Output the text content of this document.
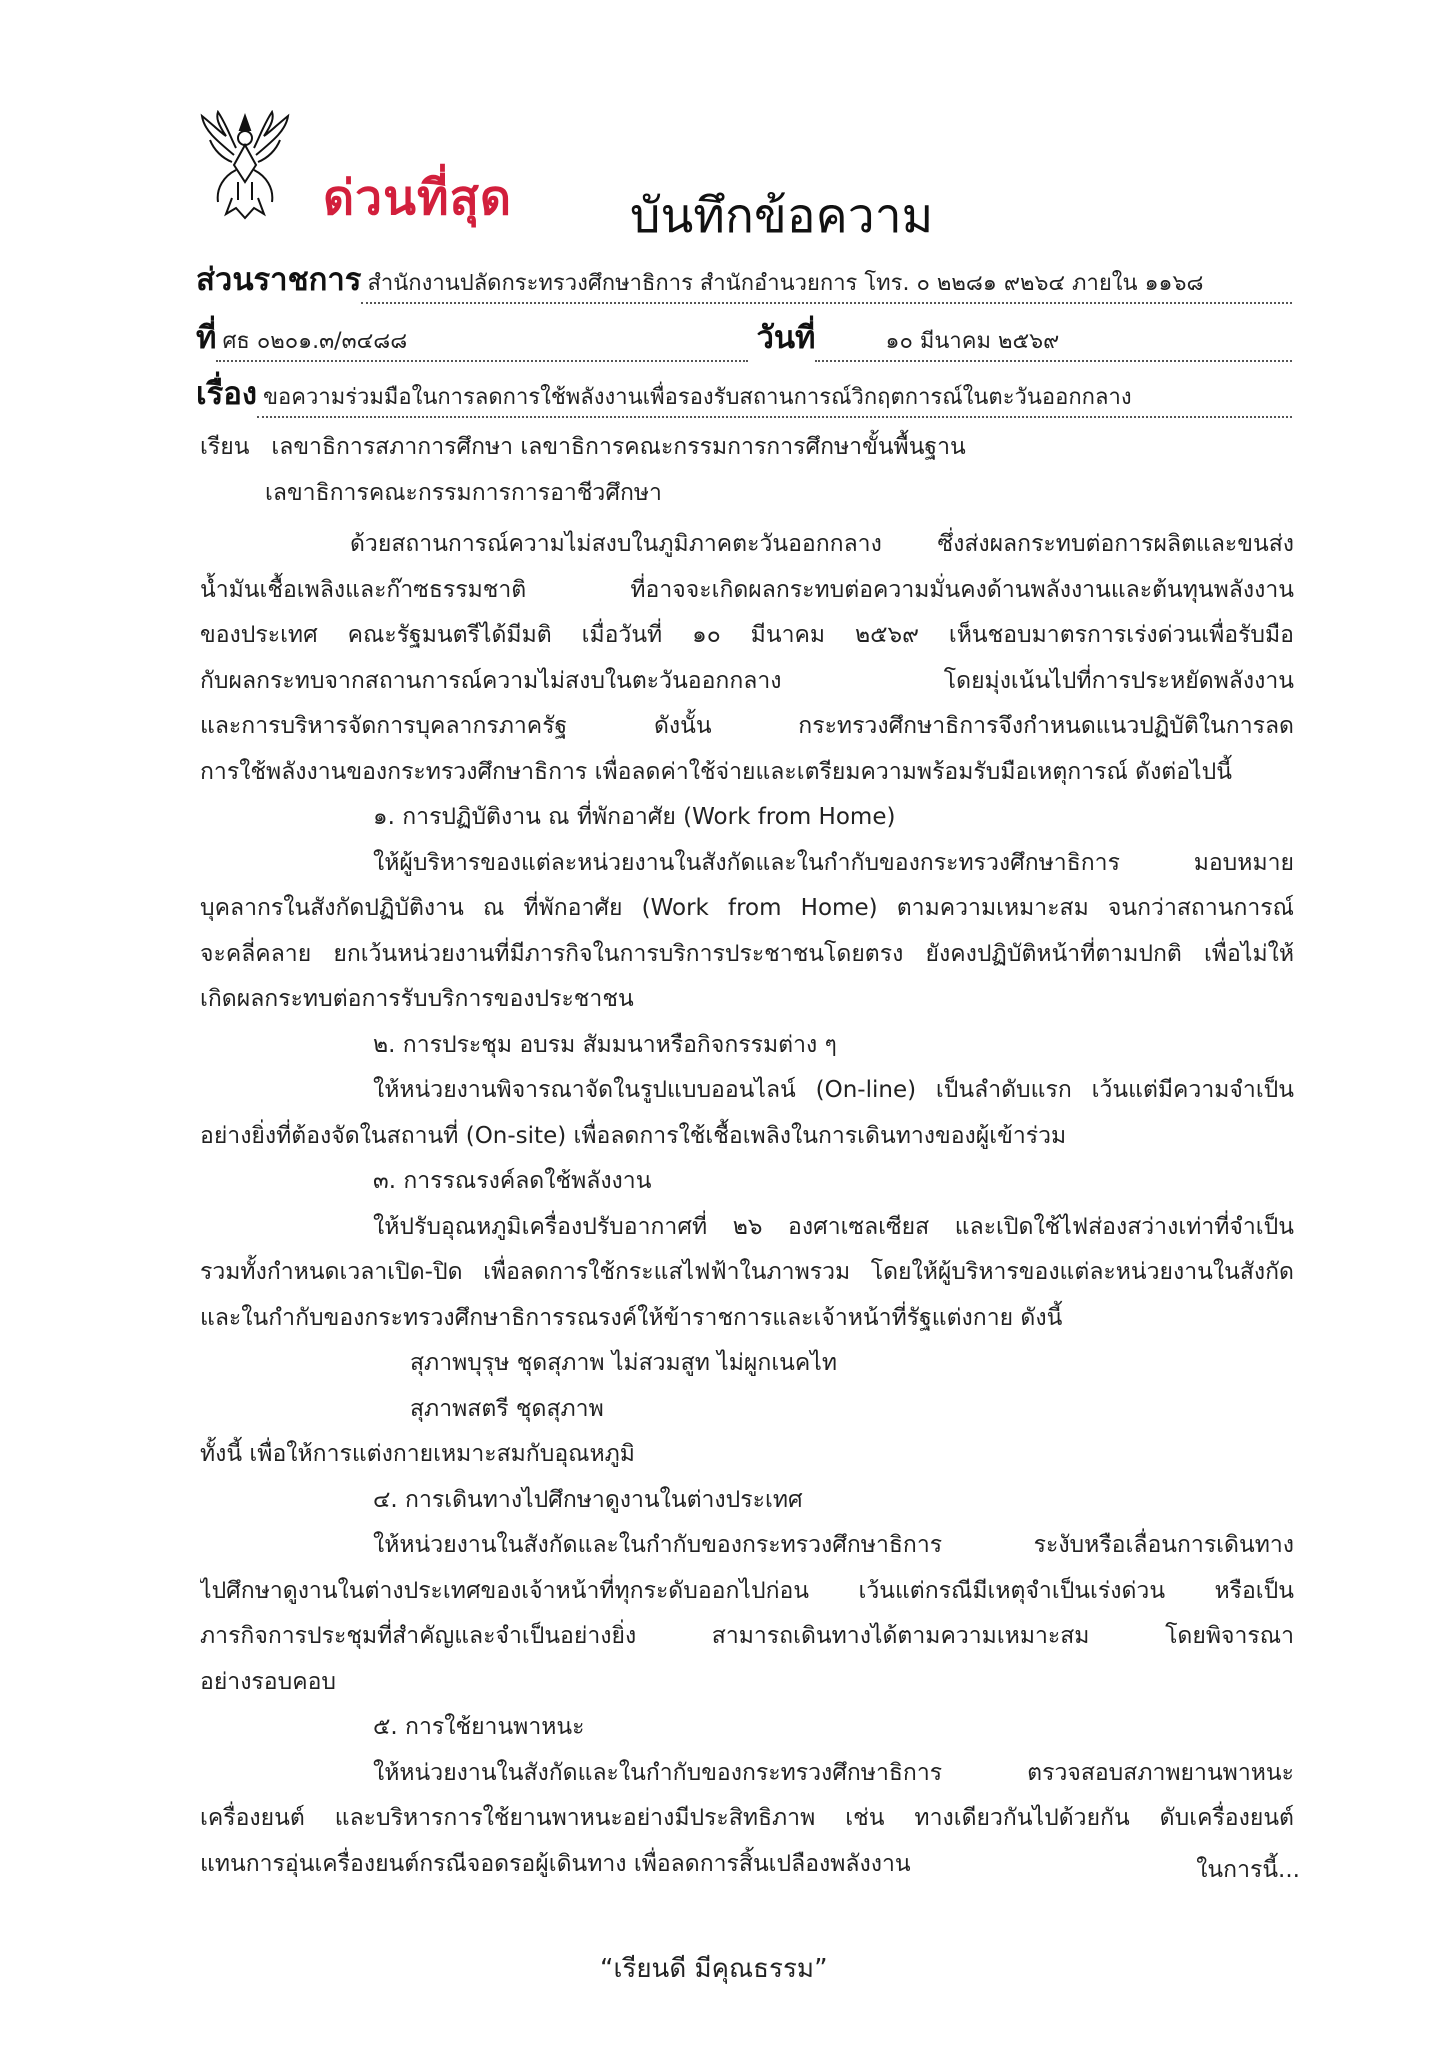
ด่วนที่สุด บันทึกข้อความ
ส่วนราชการ สำนักงานปลัดกระทรวงศึกษาธิการ สำนักอำนวยการ โทร. ๐ ๒๒๘๑ ๙๒๖๔ ภายใน ๑๑๖๘
ที่ ศธ ๐๒๐๑.๓/๓๔๘๘	วันที่	๑๐ มีนาคม ๒๕๖๙
เรื่อง ขอความร่วมมือในการลดการใช้พลังงานเพื่อรองรับสถานการณ์วิกฤตการณ์ในตะวันออกกลาง
เรียน เลขาธิการสภาการศึกษา เลขาธิการคณะกรรมการการศึกษาขั้นพื้นฐาน
เลขาธิการคณะกรรมการการอาชีวศึกษา
ด้วยสถานการณ์ความไม่สงบในภูมิภาคตะวันออกกลาง ซึ่งส่งผลกระทบต่อการผลิตและขนส่ง
น้ำมันเชื้อเพลิงและก๊าซธรรมชาติ ที่อาจจะเกิดผลกระทบต่อความมั่นคงด้านพลังงานและต้นทุนพลังงาน
ของประเทศ คณะรัฐมนตรีได้มีมติ เมื่อวันที่ ๑๐ มีนาคม ๒๕๖๙ เห็นชอบมาตรการเร่งด่วนเพื่อรับมือ
กับผลกระทบจากสถานการณ์ความไม่สงบในตะวันออกกลาง โดยมุ่งเน้นไปที่การประหยัดพลังงาน
และการบริหารจัดการบุคลากรภาครัฐ ดังนั้น กระทรวงศึกษาธิการจึงกำหนดแนวปฏิบัติในการลด
การใช้พลังงานของกระทรวงศึกษาธิการ เพื่อลดค่าใช้จ่ายและเตรียมความพร้อมรับมือเหตุการณ์ ดังต่อไปนี้
๑. การปฏิบัติงาน ณ ที่พักอาศัย (Work from Home)
ให้ผู้บริหารของแต่ละหน่วยงานในสังกัดและในกำกับของกระทรวงศึกษาธิการ มอบหมาย
บุคลากรในสังกัดปฏิบัติงาน ณ ที่พักอาศัย (Work from Home) ตามความเหมาะสม จนกว่าสถานการณ์
จะคลี่คลาย ยกเว้นหน่วยงานที่มีภารกิจในการบริการประชาชนโดยตรง ยังคงปฏิบัติหน้าที่ตามปกติ เพื่อไม่ให้
เกิดผลกระทบต่อการรับบริการของประชาชน
๒. การประชุม อบรม สัมมนาหรือกิจกรรมต่าง ๆ
ให้หน่วยงานพิจารณาจัดในรูปแบบออนไลน์ (On-line) เป็นลำดับแรก เว้นแต่มีความจำเป็น
อย่างยิ่งที่ต้องจัดในสถานที่ (On-site) เพื่อลดการใช้เชื้อเพลิงในการเดินทางของผู้เข้าร่วม
๓. การรณรงค์ลดใช้พลังงาน
ให้ปรับอุณหภูมิเครื่องปรับอากาศที่ ๒๖ องศาเซลเซียส และเปิดใช้ไฟส่องสว่างเท่าที่จำเป็น
รวมทั้งกำหนดเวลาเปิด-ปิด เพื่อลดการใช้กระแสไฟฟ้าในภาพรวม โดยให้ผู้บริหารของแต่ละหน่วยงานในสังกัด
และในกำกับของกระทรวงศึกษาธิการรณรงค์ให้ข้าราชการและเจ้าหน้าที่รัฐแต่งกาย ดังนี้
สุภาพบุรุษ ชุดสุภาพ ไม่สวมสูท ไม่ผูกเนคไท
สุภาพสตรี ชุดสุภาพ
ทั้งนี้ เพื่อให้การแต่งกายเหมาะสมกับอุณหภูมิ
๔. การเดินทางไปศึกษาดูงานในต่างประเทศ
ให้หน่วยงานในสังกัดและในกำกับของกระทรวงศึกษาธิการ ระงับหรือเลื่อนการเดินทาง
ไปศึกษาดูงานในต่างประเทศของเจ้าหน้าที่ทุกระดับออกไปก่อน เว้นแต่กรณีมีเหตุจำเป็นเร่งด่วน หรือเป็น
ภารกิจการประชุมที่สำคัญและจำเป็นอย่างยิ่ง สามารถเดินทางได้ตามความเหมาะสม โดยพิจารณา
อย่างรอบคอบ
๕. การใช้ยานพาหนะ
ให้หน่วยงานในสังกัดและในกำกับของกระทรวงศึกษาธิการ ตรวจสอบสภาพยานพาหนะ
เครื่องยนต์ และบริหารการใช้ยานพาหนะอย่างมีประสิทธิภาพ เช่น ทางเดียวกันไปด้วยกัน ดับเครื่องยนต์
แทนการอุ่นเครื่องยนต์กรณีจอดรอผู้เดินทาง เพื่อลดการสิ้นเปลืองพลังงาน	ในการนี้...
“เรียนดี มีคุณธรรม”
